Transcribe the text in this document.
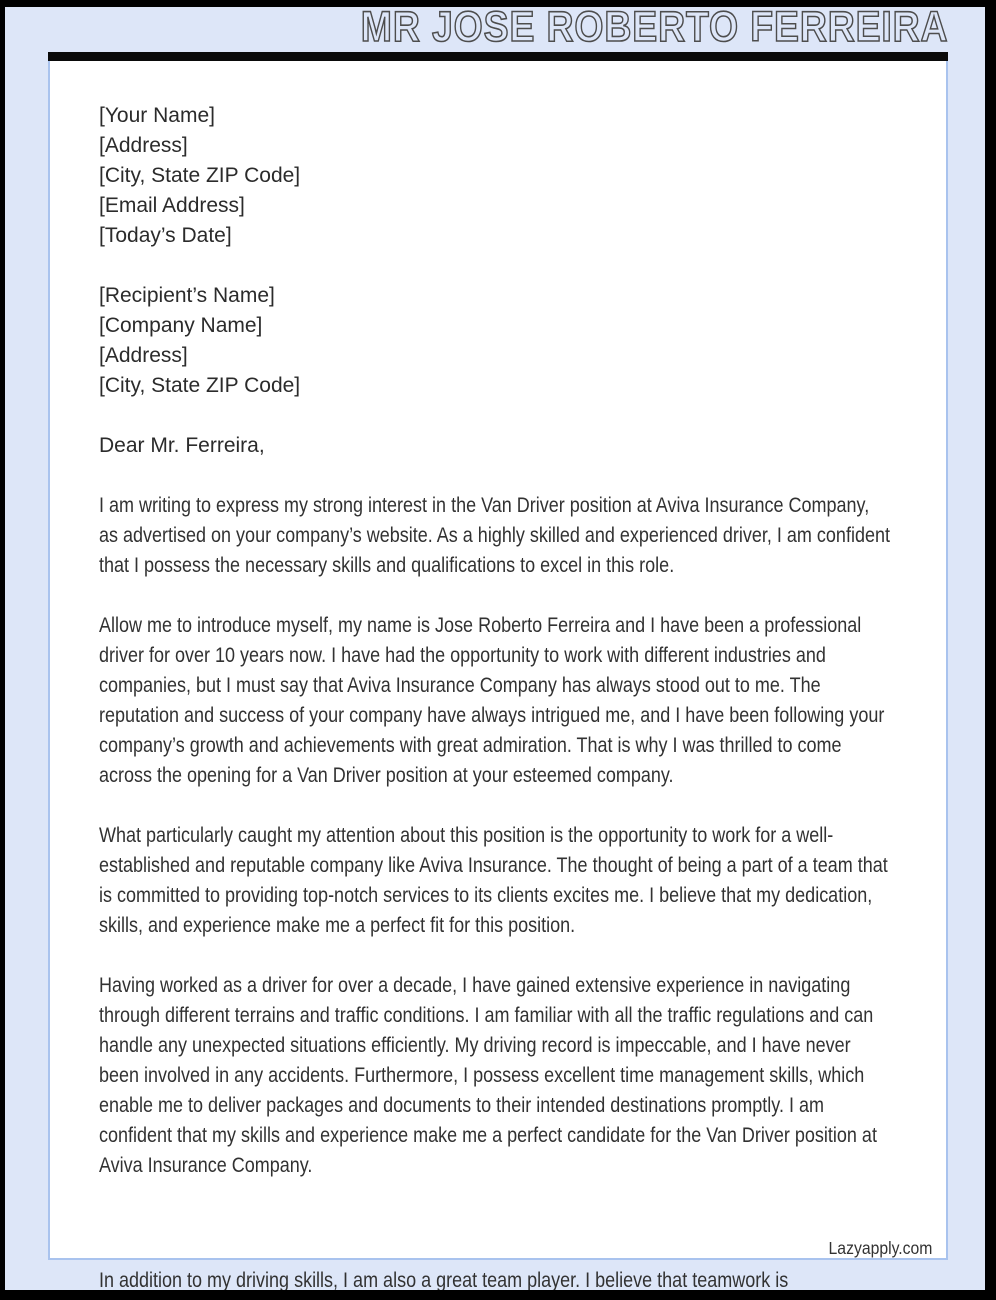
MR JOSE ROBERTO FERREIRA
[Your Name]
[Address]
[City, State ZIP Code]
[Email Address]
[Today’s Date]
[Recipient’s Name]
[Company Name]
[Address]
[City, State ZIP Code]
Dear Mr. Ferreira,
I am writing to express my strong interest in the Van Driver position at Aviva Insurance Company, as advertised on your company’s website. As a highly skilled and experienced driver, I am confident that I possess the necessary skills and qualifications to excel in this role.
Allow me to introduce myself, my name is Jose Roberto Ferreira and I have been a professional driver for over 10 years now. I have had the opportunity to work with different industries and companies, but I must say that Aviva Insurance Company has always stood out to me. The reputation and success of your company have always intrigued me, and I have been following your company’s growth and achievements with great admiration. That is why I was thrilled to come across the opening for a Van Driver position at your esteemed company.
What particularly caught my attention about this position is the opportunity to work for a well-established and reputable company like Aviva Insurance. The thought of being a part of a team that is committed to providing top-notch services to its clients excites me. I believe that my dedication, skills, and experience make me a perfect fit for this position.
Having worked as a driver for over a decade, I have gained extensive experience in navigating through different terrains and traffic conditions. I am familiar with all the traffic regulations and can handle any unexpected situations efficiently. My driving record is impeccable, and I have never been involved in any accidents. Furthermore, I possess excellent time management skills, which enable me to deliver packages and documents to their intended destinations promptly. I am confident that my skills and experience make me a perfect candidate for the Van Driver position at Aviva Insurance Company.
Lazyapply.com
In addition to my driving skills, I am also a great team player. I believe that teamwork is
